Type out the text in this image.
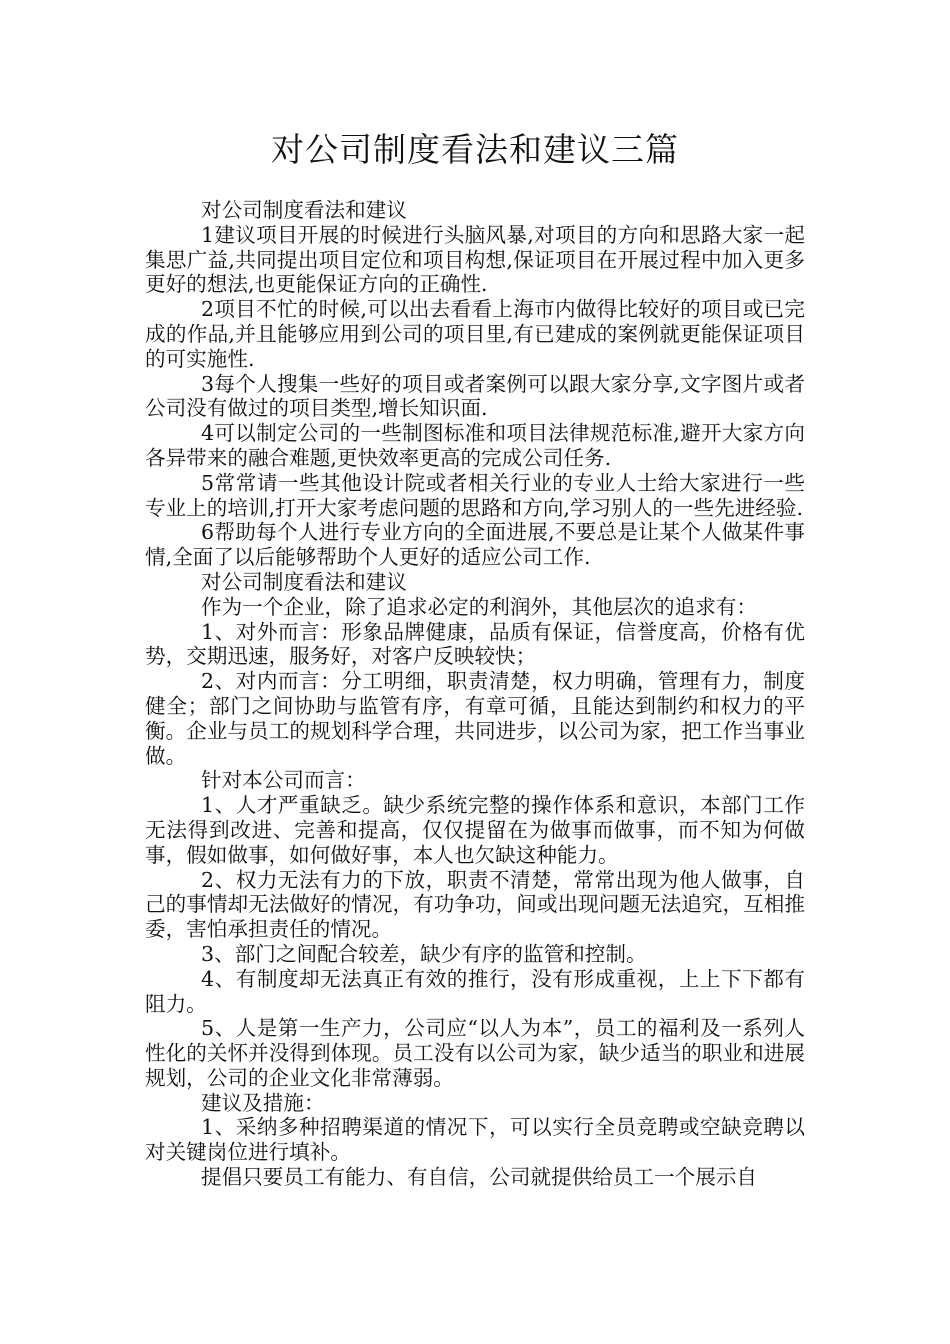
对公司制度看法和建议三篇

对公司制度看法和建议

1建议项目开展的时候进行头脑风暴,对项目的方向和思路大家一起集思广益,共同提出项目定位和项目构想,保证项目在开展过程中加入更多更好的想法,也更能保证方向的正确性.

2项目不忙的时候,可以出去看看上海市内做得比较好的项目或已完成的作品,并且能够应用到公司的项目里,有已建成的案例就更能保证项目的可实施性.

3每个人搜集一些好的项目或者案例可以跟大家分享,文字图片或者公司没有做过的项目类型,增长知识面.

4可以制定公司的一些制图标准和项目法律规范标准,避开大家方向各异带来的融合难题,更快效率更高的完成公司任务.

5常常请一些其他设计院或者相关行业的专业人士给大家进行一些专业上的培训,打开大家考虑问题的思路和方向,学习别人的一些先进经验.

6帮助每个人进行专业方向的全面进展,不要总是让某个人做某件事情,全面了以后能够帮助个人更好的适应公司工作.

对公司制度看法和建议

作为一个企业，除了追求必定的利润外，其他层次的追求有：

1、对外而言：形象品牌健康，品质有保证，信誉度高，价格有优势，交期迅速，服务好，对客户反映较快；

2、对内而言：分工明细，职责清楚，权力明确，管理有力，制度健全；部门之间协助与监管有序，有章可循，且能达到制约和权力的平衡。企业与员工的规划科学合理，共同进步，以公司为家，把工作当事业做。

针对本公司而言：

1、人才严重缺乏。缺少系统完整的操作体系和意识，本部门工作无法得到改进、完善和提高，仅仅提留在为做事而做事，而不知为何做事，假如做事，如何做好事，本人也欠缺这种能力。

2、权力无法有力的下放，职责不清楚，常常出现为他人做事，自己的事情却无法做好的情况，有功争功，间或出现问题无法追究，互相推委，害怕承担责任的情况。

3、部门之间配合较差，缺少有序的监管和控制。

4、有制度却无法真正有效的推行，没有形成重视，上上下下都有阻力。

5、人是第一生产力，公司应“以人为本”，员工的福利及一系列人性化的关怀并没得到体现。员工没有以公司为家，缺少适当的职业和进展规划，公司的企业文化非常薄弱。

建议及措施：

1、采纳多种招聘渠道的情况下，可以实行全员竞聘或空缺竞聘以对关键岗位进行填补。

提倡只要员工有能力、有自信，公司就提供给员工一个展示自
